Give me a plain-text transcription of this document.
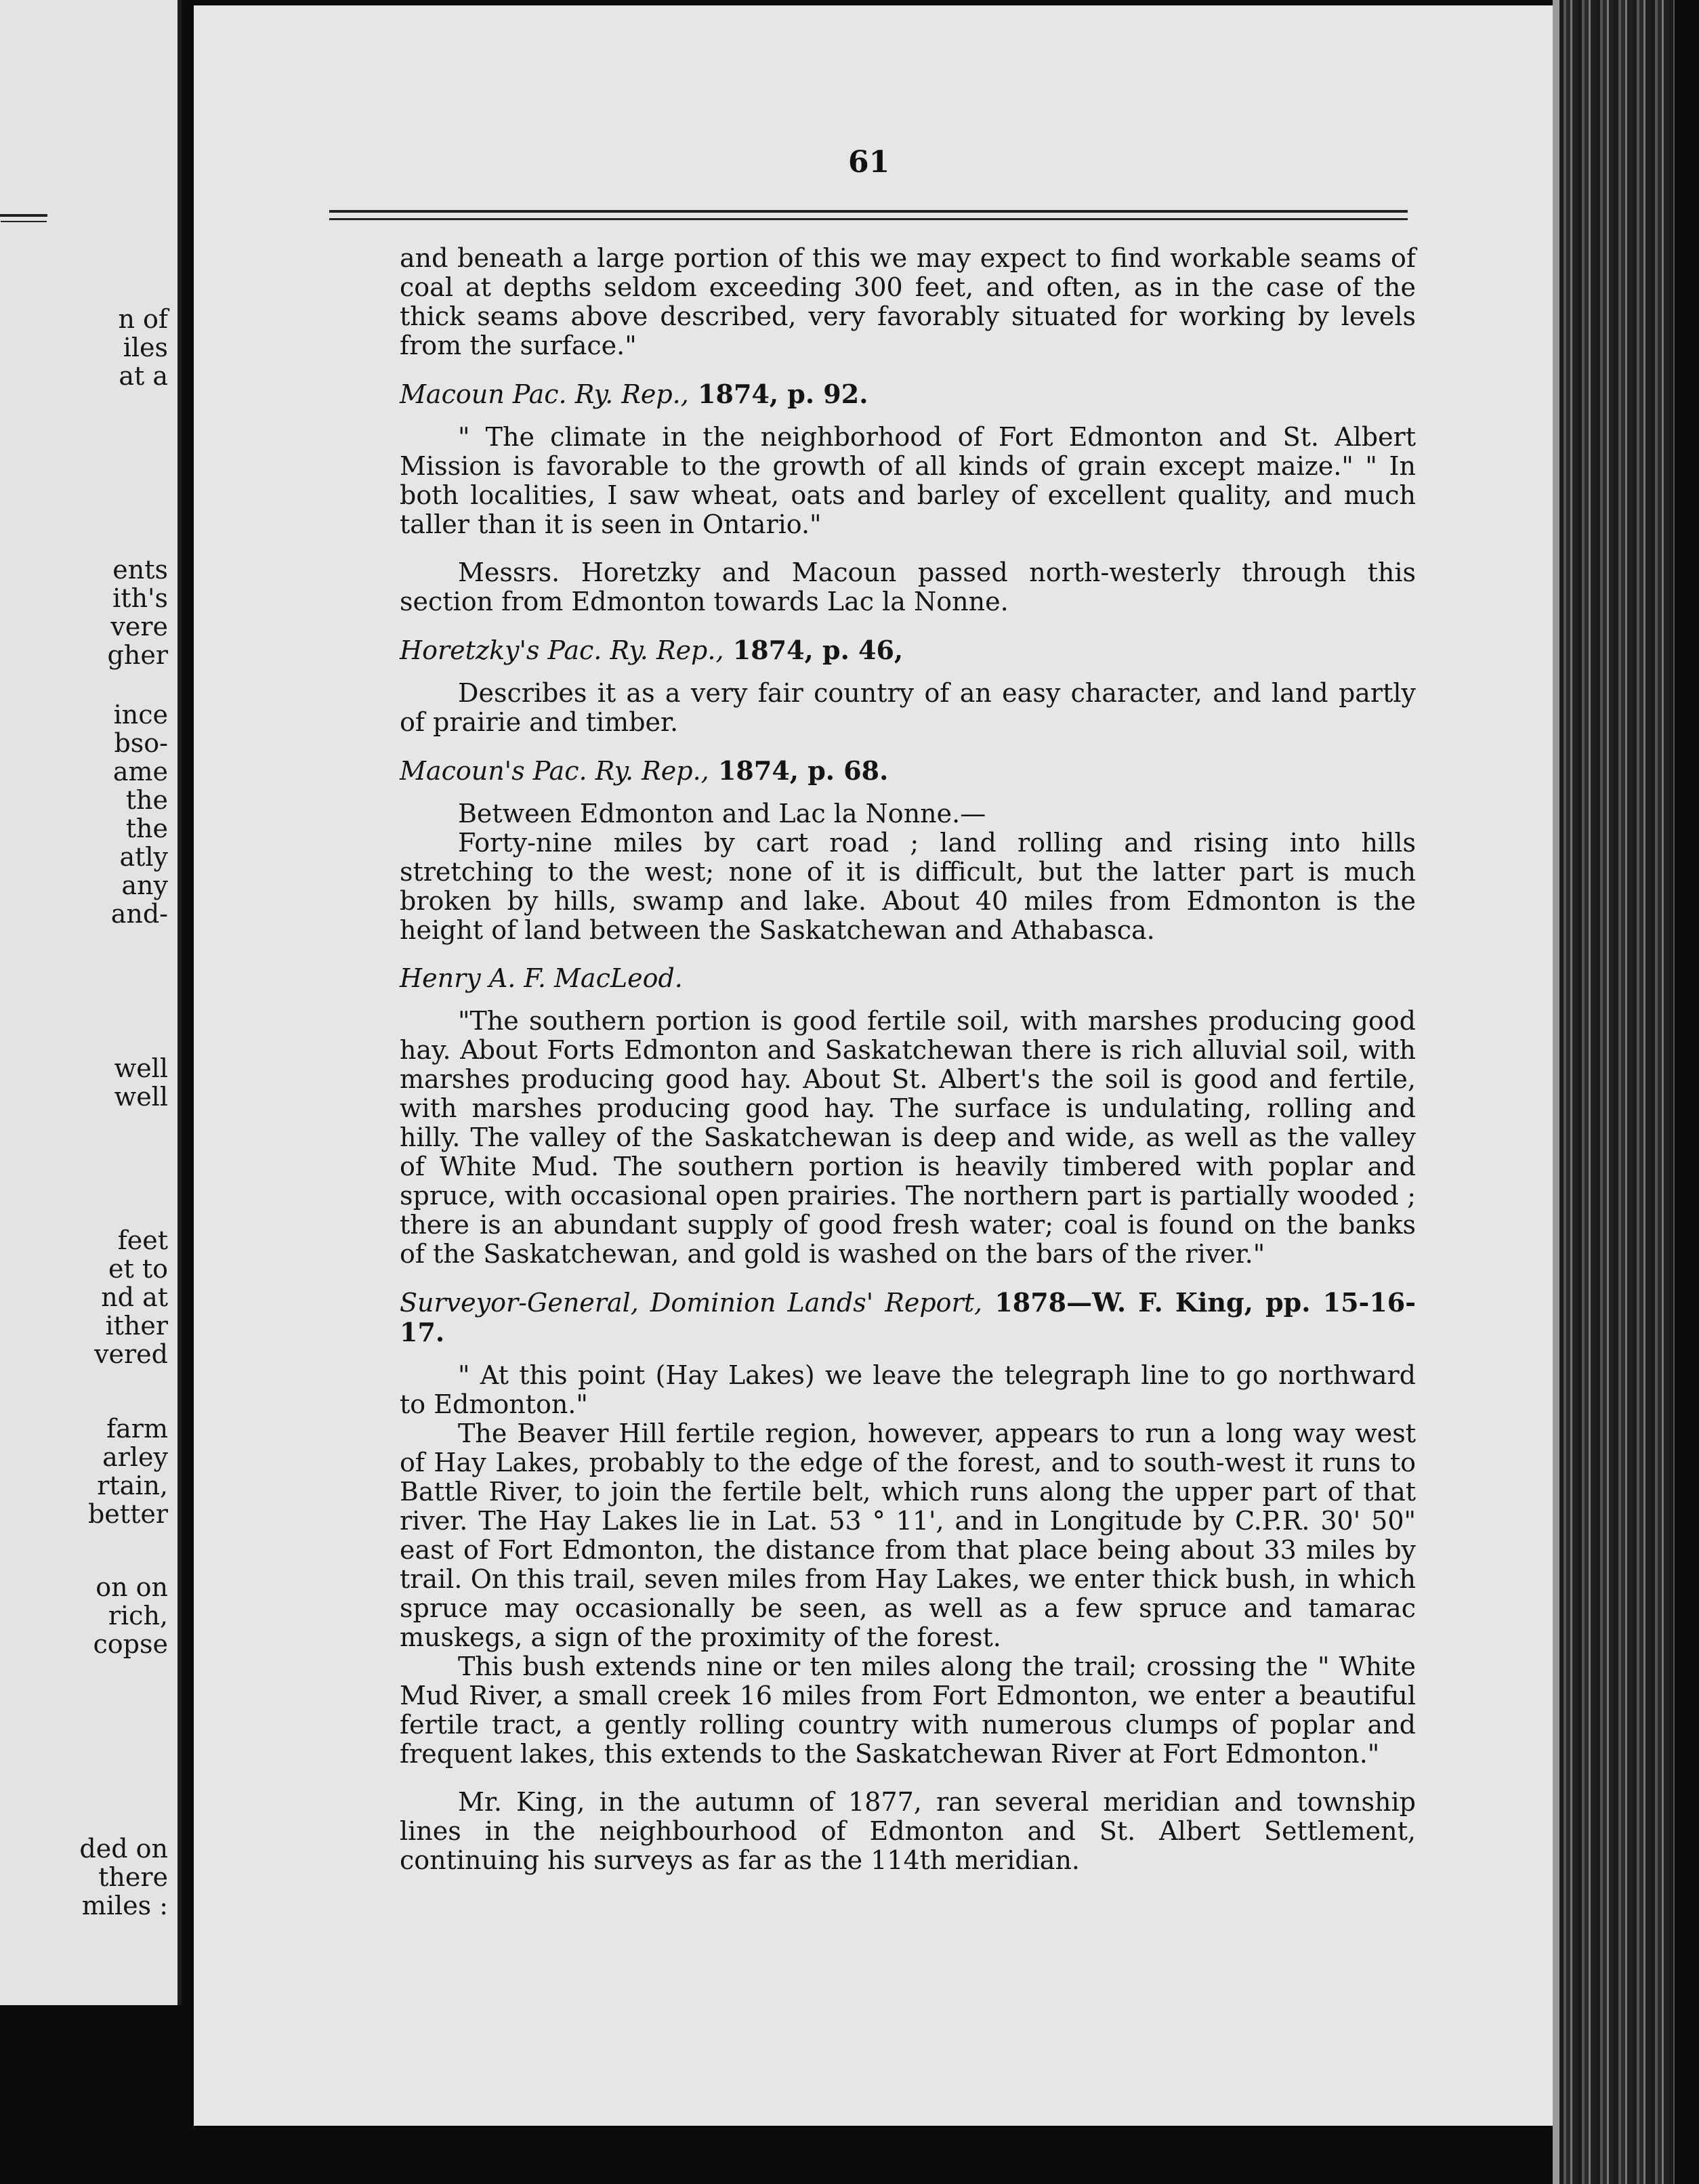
n of
iles
at a
ents
ith's
vere
gher
ince
bso-
ame
the
the
atly
any
and-
well
well
feet
et to
nd at
ither
vered
farm
arley
rtain,
better
on on
rich,
copse
ded on
there
miles :
61

and beneath a large portion of this we may expect to find workable seams of coal at depths seldom exceeding 300 feet, and often, as in the case of the thick seams above described, very favorably situated for working by levels from the surface."

Macoun Pac. Ry. Rep., 1874, p. 92.

" The climate in the neighborhood of Fort Edmonton and St. Albert Mission is favorable to the growth of all kinds of grain except maize." " In both localities, I saw wheat, oats and barley of excellent quality, and much taller than it is seen in Ontario."

Messrs. Horetzky and Macoun passed north-westerly through this section from Edmonton towards Lac la Nonne.

Horetzky's Pac. Ry. Rep., 1874, p. 46,

Describes it as a very fair country of an easy character, and land partly of prairie and timber.

Macoun's Pac. Ry. Rep., 1874, p. 68.

Between Edmonton and Lac la Nonne.—

Forty-nine miles by cart road ; land rolling and rising into hills stretching to the west; none of it is difficult, but the latter part is much broken by hills, swamp and lake. About 40 miles from Edmonton is the height of land between the Saskatchewan and Athabasca.

Henry A. F. MacLeod.

"The southern portion is good fertile soil, with marshes producing good hay. About Forts Edmonton and Saskatchewan there is rich alluvial soil, with marshes producing good hay. About St. Albert's the soil is good and fertile, with marshes producing good hay. The surface is undulating, rolling and hilly. The valley of the Saskatchewan is deep and wide, as well as the valley of White Mud. The southern portion is heavily timbered with poplar and spruce, with occasional open prairies. The northern part is partially wooded ; there is an abundant supply of good fresh water; coal is found on the banks of the Saskatchewan, and gold is washed on the bars of the river."

Surveyor-General, Dominion Lands' Report, 1878—W. F. King, pp. 15-16-17.

" At this point (Hay Lakes) we leave the telegraph line to go northward to Edmonton."

The Beaver Hill fertile region, however, appears to run a long way west of Hay Lakes, probably to the edge of the forest, and to south-west it runs to Battle River, to join the fertile belt, which runs along the upper part of that river. The Hay Lakes lie in Lat. 53 ° 11', and in Longitude by C.P.R. 30' 50" east of Fort Edmonton, the distance from that place being about 33 miles by trail. On this trail, seven miles from Hay Lakes, we enter thick bush, in which spruce may occasionally be seen, as well as a few spruce and tamarac muskegs, a sign of the proximity of the forest.

This bush extends nine or ten miles along the trail; crossing the " White Mud River, a small creek 16 miles from Fort Edmonton, we enter a beautiful fertile tract, a gently rolling country with numerous clumps of poplar and frequent lakes, this extends to the Saskatchewan River at Fort Edmonton."

Mr. King, in the autumn of 1877, ran several meridian and township lines in the neighbourhood of Edmonton and St. Albert Settlement, continuing his surveys as far as the 114th meridian.
